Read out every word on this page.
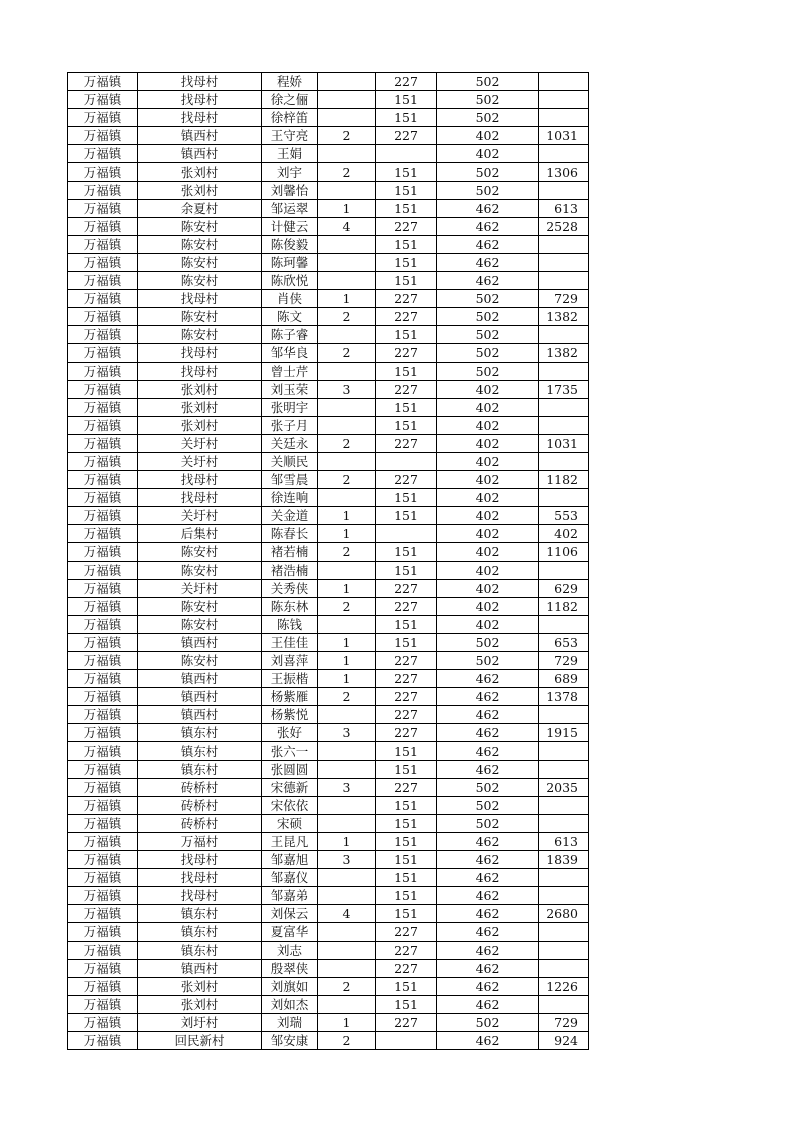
万福镇	找母村	程娇		227	502	
万福镇	找母村	徐之俪		151	502	
万福镇	找母村	徐梓笛		151	502	
万福镇	镇西村	王守亮	2	227	402	1031
万福镇	镇西村	王娟			402	
万福镇	张刘村	刘宇	2	151	502	1306
万福镇	张刘村	刘馨怡		151	502	
万福镇	余夏村	邹运翠	1	151	462	613
万福镇	陈安村	计健云	4	227	462	2528
万福镇	陈安村	陈俊毅		151	462	
万福镇	陈安村	陈珂馨		151	462	
万福镇	陈安村	陈欣悦		151	462	
万福镇	找母村	肖侠	1	227	502	729
万福镇	陈安村	陈文	2	227	502	1382
万福镇	陈安村	陈子睿		151	502	
万福镇	找母村	邹华良	2	227	502	1382
万福镇	找母村	曾士芹		151	502	
万福镇	张刘村	刘玉荣	3	227	402	1735
万福镇	张刘村	张明宇		151	402	
万福镇	张刘村	张子月		151	402	
万福镇	关圩村	关廷永	2	227	402	1031
万福镇	关圩村	关顺民			402	
万福镇	找母村	邹雪晨	2	227	402	1182
万福镇	找母村	徐连响		151	402	
万福镇	关圩村	关金道	1	151	402	553
万福镇	后集村	陈春长	1		402	402
万福镇	陈安村	褚若楠	2	151	402	1106
万福镇	陈安村	褚浩楠		151	402	
万福镇	关圩村	关秀侠	1	227	402	629
万福镇	陈安村	陈东林	2	227	402	1182
万福镇	陈安村	陈钱		151	402	
万福镇	镇西村	王佳佳	1	151	502	653
万福镇	陈安村	刘喜萍	1	227	502	729
万福镇	镇西村	王振楷	1	227	462	689
万福镇	镇西村	杨紫雁	2	227	462	1378
万福镇	镇西村	杨紫悦		227	462	
万福镇	镇东村	张好	3	227	462	1915
万福镇	镇东村	张六一		151	462	
万福镇	镇东村	张圆圆		151	462	
万福镇	砖桥村	宋德新	3	227	502	2035
万福镇	砖桥村	宋依依		151	502	
万福镇	砖桥村	宋硕		151	502	
万福镇	万福村	王昆凡	1	151	462	613
万福镇	找母村	邹嘉旭	3	151	462	1839
万福镇	找母村	邹嘉仪		151	462	
万福镇	找母村	邹嘉弟		151	462	
万福镇	镇东村	刘保云	4	151	462	2680
万福镇	镇东村	夏富华		227	462	
万福镇	镇东村	刘志		227	462	
万福镇	镇西村	殷翠侠		227	462	
万福镇	张刘村	刘旗如	2	151	462	1226
万福镇	张刘村	刘如杰		151	462	
万福镇	刘圩村	刘瑞	1	227	502	729
万福镇	回民新村	邹安康	2		462	924
